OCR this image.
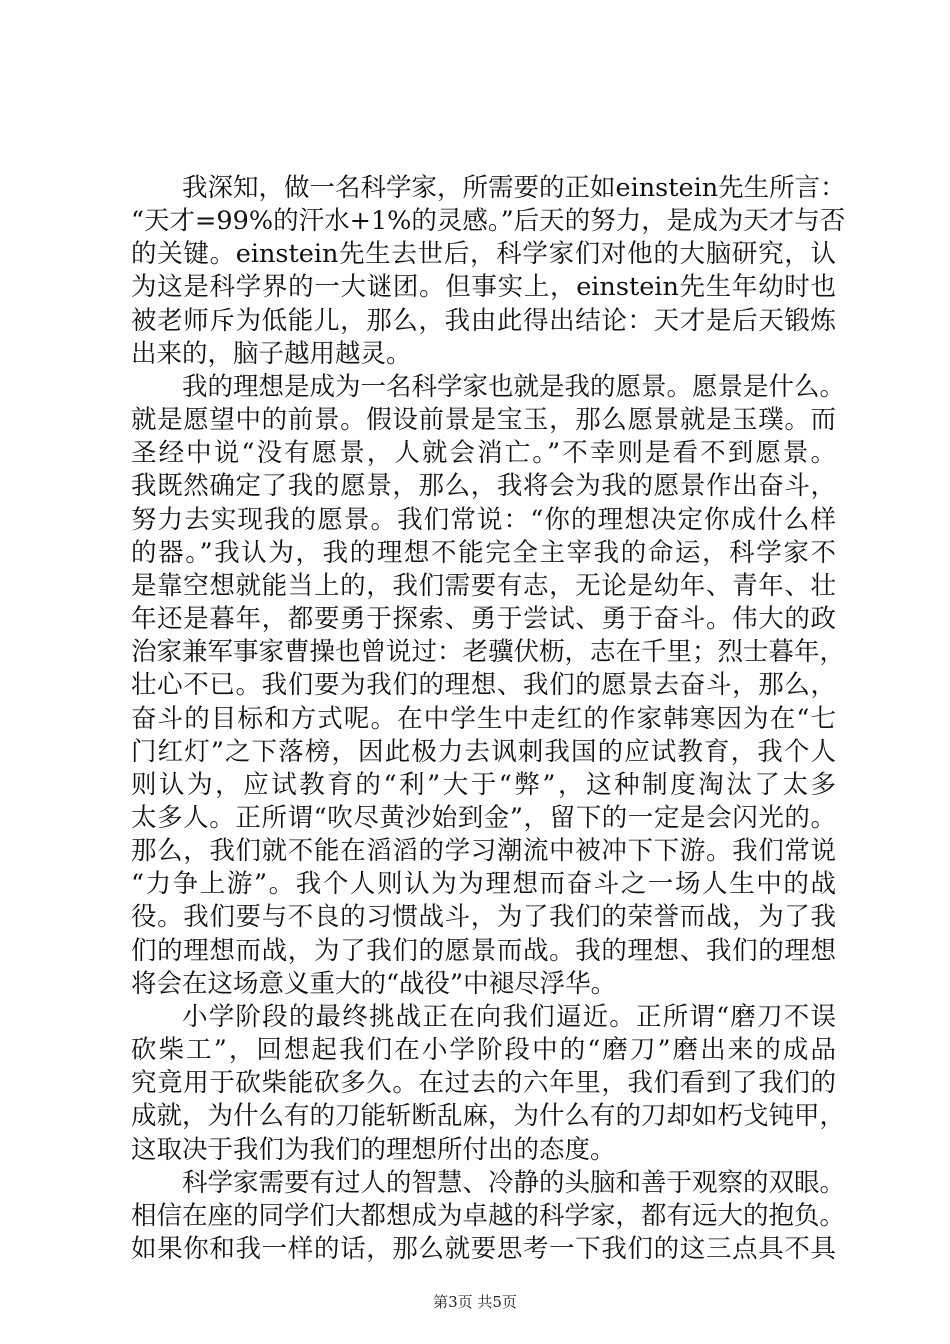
我深知，做一名科学家，所需要的正如einstein先生所言：
“天才=99%的汗水+1%的灵感。”后天的努力，是成为天才与否
的关键。einstein先生去世后，科学家们对他的大脑研究，认
为这是科学界的一大谜团。但事实上，einstein先生年幼时也
被老师斥为低能儿，那么，我由此得出结论：天才是后天锻炼
出来的，脑子越用越灵。
我的理想是成为一名科学家也就是我的愿景。愿景是什么。
就是愿望中的前景。假设前景是宝玉，那么愿景就是玉璞。而
圣经中说“没有愿景，人就会消亡。”不幸则是看不到愿景。
我既然确定了我的愿景，那么，我将会为我的愿景作出奋斗，
努力去实现我的愿景。我们常说：“你的理想决定你成什么样
的器。”我认为，我的理想不能完全主宰我的命运，科学家不
是靠空想就能当上的，我们需要有志，无论是幼年、青年、壮
年还是暮年，都要勇于探索、勇于尝试、勇于奋斗。伟大的政
治家兼军事家曹操也曾说过：老骥伏枥，志在千里；烈士暮年，
壮心不已。我们要为我们的理想、我们的愿景去奋斗，那么，
奋斗的目标和方式呢。在中学生中走红的作家韩寒因为在“七
门红灯”之下落榜，因此极力去讽刺我国的应试教育，我个人
则认为，应试教育的“利”大于“弊”，这种制度淘汰了太多
太多人。正所谓“吹尽黄沙始到金”，留下的一定是会闪光的。
那么，我们就不能在滔滔的学习潮流中被冲下下游。我们常说
“力争上游”。我个人则认为为理想而奋斗之一场人生中的战
役。我们要与不良的习惯战斗，为了我们的荣誉而战，为了我
们的理想而战，为了我们的愿景而战。我的理想、我们的理想
将会在这场意义重大的“战役”中褪尽浮华。
小学阶段的最终挑战正在向我们逼近。正所谓“磨刀不误
砍柴工”，回想起我们在小学阶段中的“磨刀”磨出来的成品
究竟用于砍柴能砍多久。在过去的六年里，我们看到了我们的
成就，为什么有的刀能斩断乱麻，为什么有的刀却如朽戈钝甲，
这取决于我们为我们的理想所付出的态度。
科学家需要有过人的智慧、冷静的头脑和善于观察的双眼。
相信在座的同学们大都想成为卓越的科学家，都有远大的抱负。
如果你和我一样的话，那么就要思考一下我们的这三点具不具
第3页 共5页
